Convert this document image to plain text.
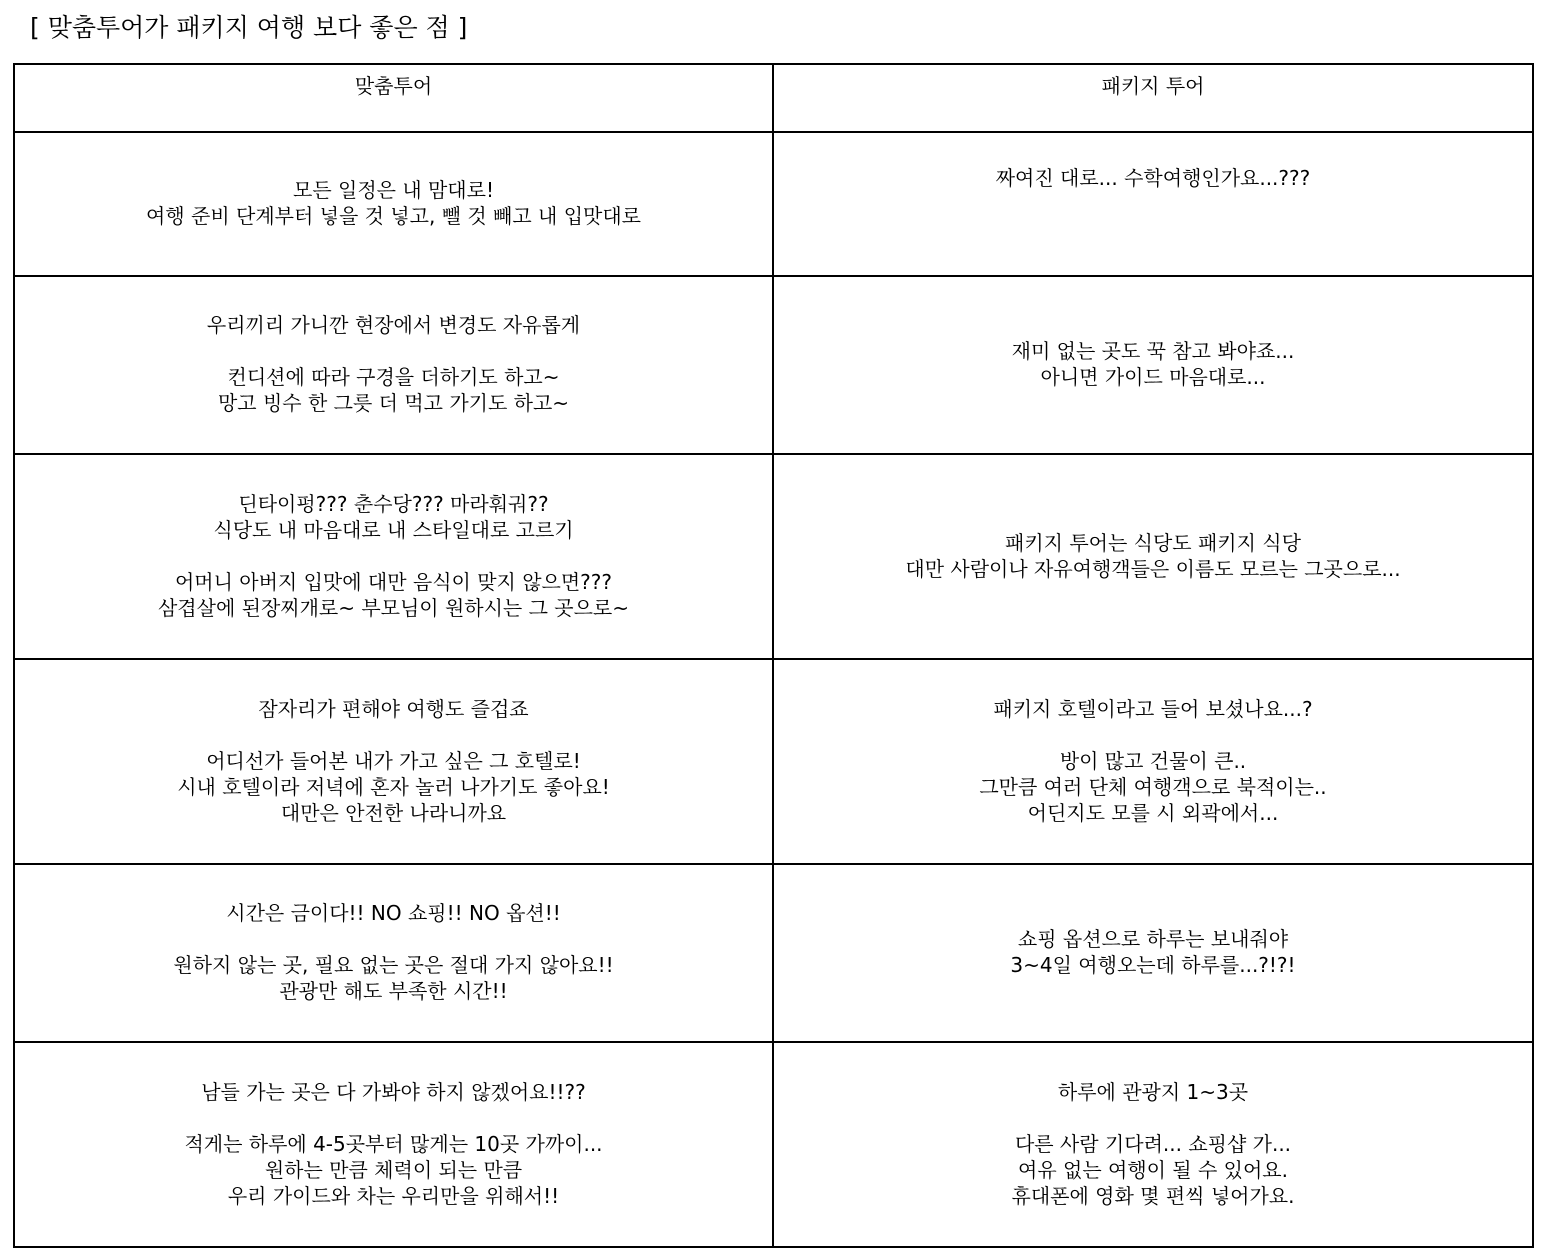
[ 맞춤투어가 패키지 여행 보다 좋은 점 ]
맞춤투어	패키지 투어

모든 일정은 내 맘대로!
여행 준비 단계부터 넣을 것 넣고, 뺄 것 빼고 내 입맛대로	짜여진 대로... 수학여행인가요...???

우리끼리 가니깐 현장에서 변경도 자유롭게
컨디션에 따라 구경을 더하기도 하고~
망고 빙수 한 그릇 더 먹고 가기도 하고~	재미 없는 곳도 꾹 참고 봐야죠...
아니면 가이드 마음대로...

딘타이펑??? 춘수당??? 마라훠궈??
식당도 내 마음대로 내 스타일대로 고르기
어머니 아버지 입맛에 대만 음식이 맞지 않으면???
삼겹살에 된장찌개로~ 부모님이 원하시는 그 곳으로~	패키지 투어는 식당도 패키지 식당
대만 사람이나 자유여행객들은 이름도 모르는 그곳으로...

잠자리가 편해야 여행도 즐겁죠
어디선가 들어본 내가 가고 싶은 그 호텔로!
시내 호텔이라 저녁에 혼자 놀러 나가기도 좋아요!
대만은 안전한 나라니까요	패키지 호텔이라고 들어 보셨나요...?
방이 많고 건물이 큰..
그만큼 여러 단체 여행객으로 북적이는..
어딘지도 모를 시 외곽에서...

시간은 금이다!! NO 쇼핑!! NO 옵션!!
원하지 않는 곳, 필요 없는 곳은 절대 가지 않아요!!
관광만 해도 부족한 시간!!	쇼핑 옵션으로 하루는 보내줘야
3~4일 여행오는데 하루를...?!?!

남들 가는 곳은 다 가봐야 하지 않겠어요!!??
적게는 하루에 4-5곳부터 많게는 10곳 가까이...
원하는 만큼 체력이 되는 만큼
우리 가이드와 차는 우리만을 위해서!!	하루에 관광지 1~3곳
다른 사람 기다려... 쇼핑샵 가...
여유 없는 여행이 될 수 있어요.
휴대폰에 영화 몇 편씩 넣어가요.
